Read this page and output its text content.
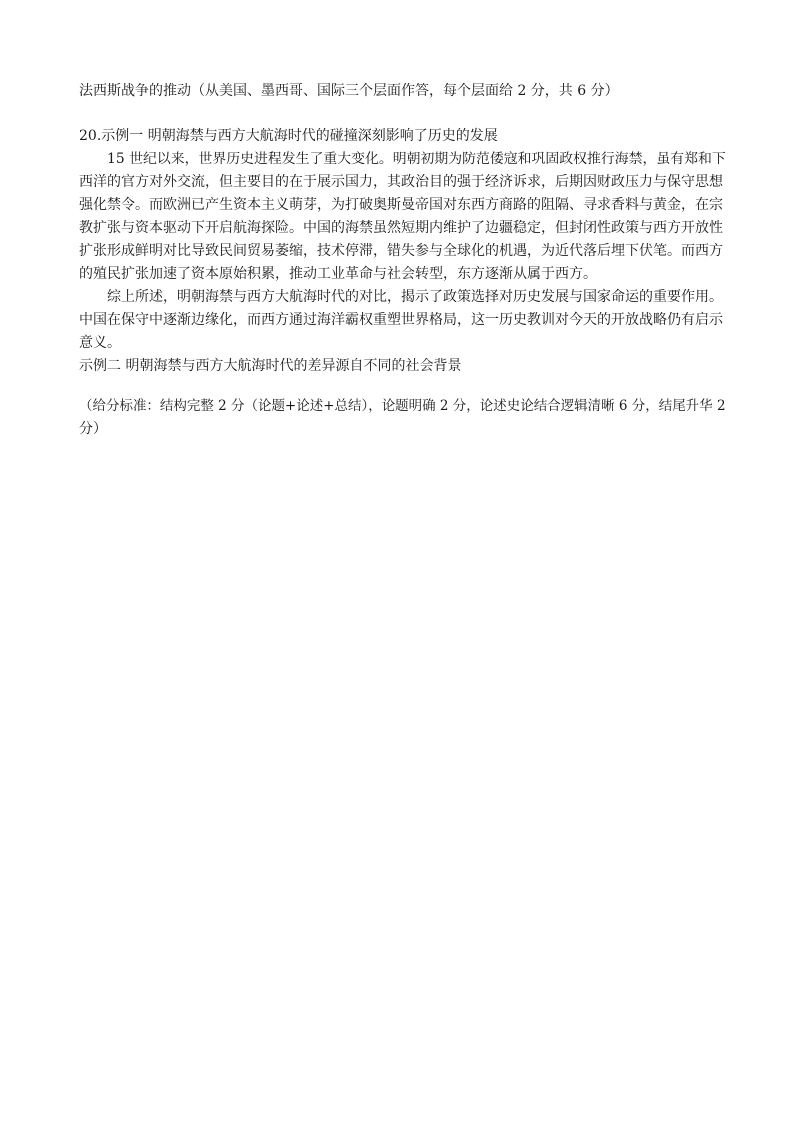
法西斯战争的推动（从美国、墨西哥、国际三个层面作答，每个层面给 2 分，共 6 分）

20.示例一 明朝海禁与西方大航海时代的碰撞深刻影响了历史的发展

15 世纪以来，世界历史进程发生了重大变化。明朝初期为防范倭寇和巩固政权推行海禁，虽有郑和下

西洋的官方对外交流，但主要目的在于展示国力，其政治目的强于经济诉求，后期因财政压力与保守思想

强化禁令。而欧洲已产生资本主义萌芽，为打破奥斯曼帝国对东西方商路的阻隔、寻求香料与黄金，在宗

教扩张与资本驱动下开启航海探险。中国的海禁虽然短期内维护了边疆稳定，但封闭性政策与西方开放性

扩张形成鲜明对比导致民间贸易萎缩，技术停滞，错失参与全球化的机遇，为近代落后埋下伏笔。而西方

的殖民扩张加速了资本原始积累，推动工业革命与社会转型，东方逐渐从属于西方。

综上所述，明朝海禁与西方大航海时代的对比，揭示了政策选择对历史发展与国家命运的重要作用。

中国在保守中逐渐边缘化，而西方通过海洋霸权重塑世界格局，这一历史教训对今天的开放战略仍有启示

意义。

示例二 明朝海禁与西方大航海时代的差异源自不同的社会背景

（给分标准：结构完整 2 分（论题+论述+总结），论题明确 2 分，论述史论结合逻辑清晰 6 分，结尾升华 2

分）
